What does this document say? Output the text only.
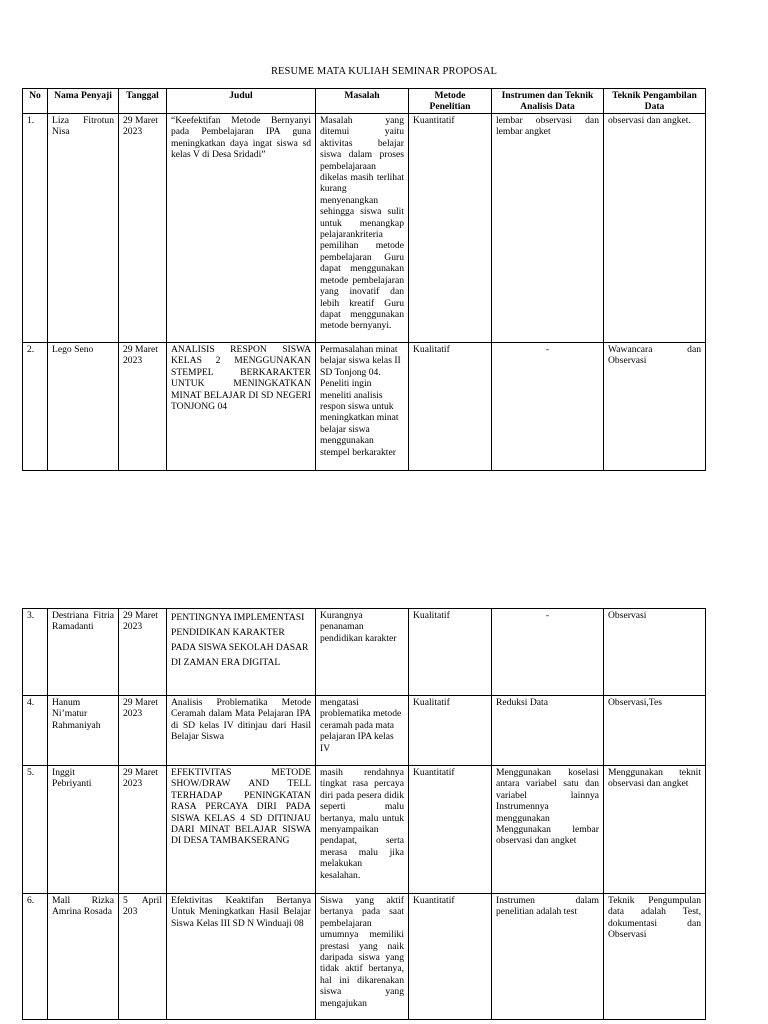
RESUME MATA KULIAH SEMINAR PROPOSAL
No	Nama Penyaji	Tanggal	Judul	Masalah	Metode Penelitian	Instrumen dan Teknik Analisis Data	Teknik Pengambilan Data
1.	Liza Fitrotun Nisa	29 Maret 2023	“Keefektifan Metode Bernyanyi pada Pembelajaran IPA guna meningkatkan daya ingat siswa sd kelas V di Desa Sridadi”	Masalah yang ditemui yaitu aktivitas belajar siswa dalam proses pembelajaraan dikelas masih terlihat kurang menyenangkan sehingga siswa sulit untuk menangkap pelajarankriteria pemilihan metode pembelajaran Guru dapat menggunakan metode pembelajaran yang inovatif dan lebih kreatif Guru dapat menggunakan metode bernyanyi.	Kuantitatif	lembar observasi dan lembar angket	observasi dan angket.
2.	Lego Seno	29 Maret 2023	ANALISIS RESPON SISWA KELAS 2 MENGGUNAKAN STEMPEL BERKARAKTER UNTUK MENINGKATKAN MINAT BELAJAR DI SD NEGERI TONJONG 04	Permasalahan minat belajar siswa kelas II SD Tonjong 04. Peneliti ingin meneliti analisis respon siswa untuk meningkatkan minat belajar siswa menggunakan stempel berkarakter	Kualitatif	-	Wawancara dan Observasi
3.	Destriana Fitria Ramadanti	29 Maret 2023	PENTINGNYA IMPLEMENTASI PENDIDIKAN KARAKTER PADA SISWA SEKOLAH DASAR DI ZAMAN ERA DIGITAL	Kurangnya penanaman pendidikan karakter	Kualitatif	-	Observasi
4.	Hanum Ni’matur Rahmaniyah	29 Maret 2023	Analisis Problematika Metode Ceramah dalam Mata Pelajaran IPA di SD kelas IV ditinjau dari Hasil Belajar Siswa	mengatasi problematika metode ceramah pada mata pelajaran IPA kelas IV	Kualitatif	Reduksi Data	Observasi,Tes
5.	Inggit Pebriyanti	29 Maret 2023	EFEKTIVITAS METODE SHOW/DRAW AND TELL TERHADAP PENINGKATAN RASA PERCAYA DIRI PADA SISWA KELAS 4 SD DITINJAU DARI MINAT BELAJAR SISWA DI DESA TAMBAKSERANG	masih rendahnya tingkat rasa percaya diri pada pesera didik seperti malu bertanya, malu untuk menyampaikan pendapat, serta merasa malu jika melakukan kesalahan.	Kuantitatif	Menggunakan koselasi antara variabel satu dan variabel lainnya Instrumennya menggunakan Menggunakan lembar observasi dan angket	Menggunakan teknit observasi dan angket
6.	Mall Rizka Amrina Rosada	5 April 203	Efektivitas Keaktifan Bertanya Untuk Meningkatkan Hasil Belajar Siswa Kelas III SD N Winduaji 08	Siswa yang aktif bertanya pada saat pembelajaran umumnya memiliki prestasi yang naik daripada siswa yang tidak aktif bertanya, hal ini dikarenakan siswa yang mengajukan	Kuantitatif	Instrumen dalam penelitian adalah test	Teknik Pengumpulan data adalah Test, dokumentasi dan Observasi
